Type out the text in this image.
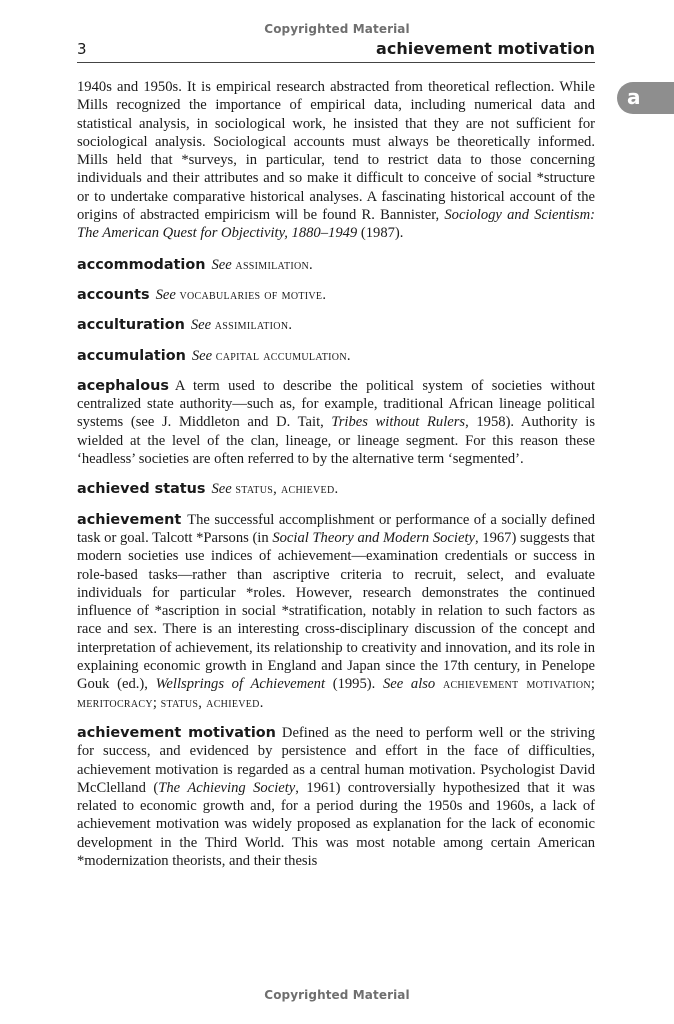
Copyrighted Material
3	achievement motivation
a

1940s and 1950s. It is empirical research abstracted from theoretical reflection. While Mills recognized the importance of empirical data, including numerical data and statistical analysis, in sociological work, he insisted that they are not sufficient for sociological analysis. Sociological accounts must always be theoretically informed. Mills held that *surveys, in particular, tend to restrict data to those concerning individuals and their attributes and so make it difficult to conceive of social *structure or to undertake comparative historical analyses. A fascinating historical account of the origins of abstracted empiricism will be found R. Bannister, Sociology and Scientism: The American Quest for Objectivity, 1880–1949 (1987).

accommodation See assimilation.

accounts See vocabularies of motive.

acculturation See assimilation.

accumulation See capital accumulation.

acephalous A term used to describe the political system of societies without centralized state authority—such as, for example, traditional African lineage political systems (see J. Middleton and D. Tait, Tribes without Rulers, 1958). Authority is wielded at the level of the clan, lineage, or lineage segment. For this reason these ‘headless’ societies are often referred to by the alternative term ‘segmented’.

achieved status See status, achieved.

achievement The successful accomplishment or performance of a socially defined task or goal. Talcott *Parsons (in Social Theory and Modern Society, 1967) suggests that modern societies use indices of achievement—examination credentials or success in role-based tasks—rather than ascriptive criteria to recruit, select, and evaluate individuals for particular *roles. However, research demonstrates the continued influence of *ascription in social *stratification, notably in relation to such factors as race and sex. There is an interesting cross-disciplinary discussion of the concept and interpretation of achievement, its relationship to creativity and innovation, and its role in explaining economic growth in England and Japan since the 17th century, in Penelope Gouk (ed.), Wellsprings of Achievement (1995). See also achievement motivation; meritocracy; status, achieved.

achievement motivation Defined as the need to perform well or the striving for success, and evidenced by persistence and effort in the face of difficulties, achievement motivation is regarded as a central human motivation. Psychologist David McClelland (The Achieving Society, 1961) controversially hypothesized that it was related to economic growth and, for a period during the 1950s and 1960s, a lack of achievement motivation was widely proposed as explanation for the lack of economic development in the Third World. This was most notable among certain American *modernization theorists, and their thesis

Copyrighted Material
